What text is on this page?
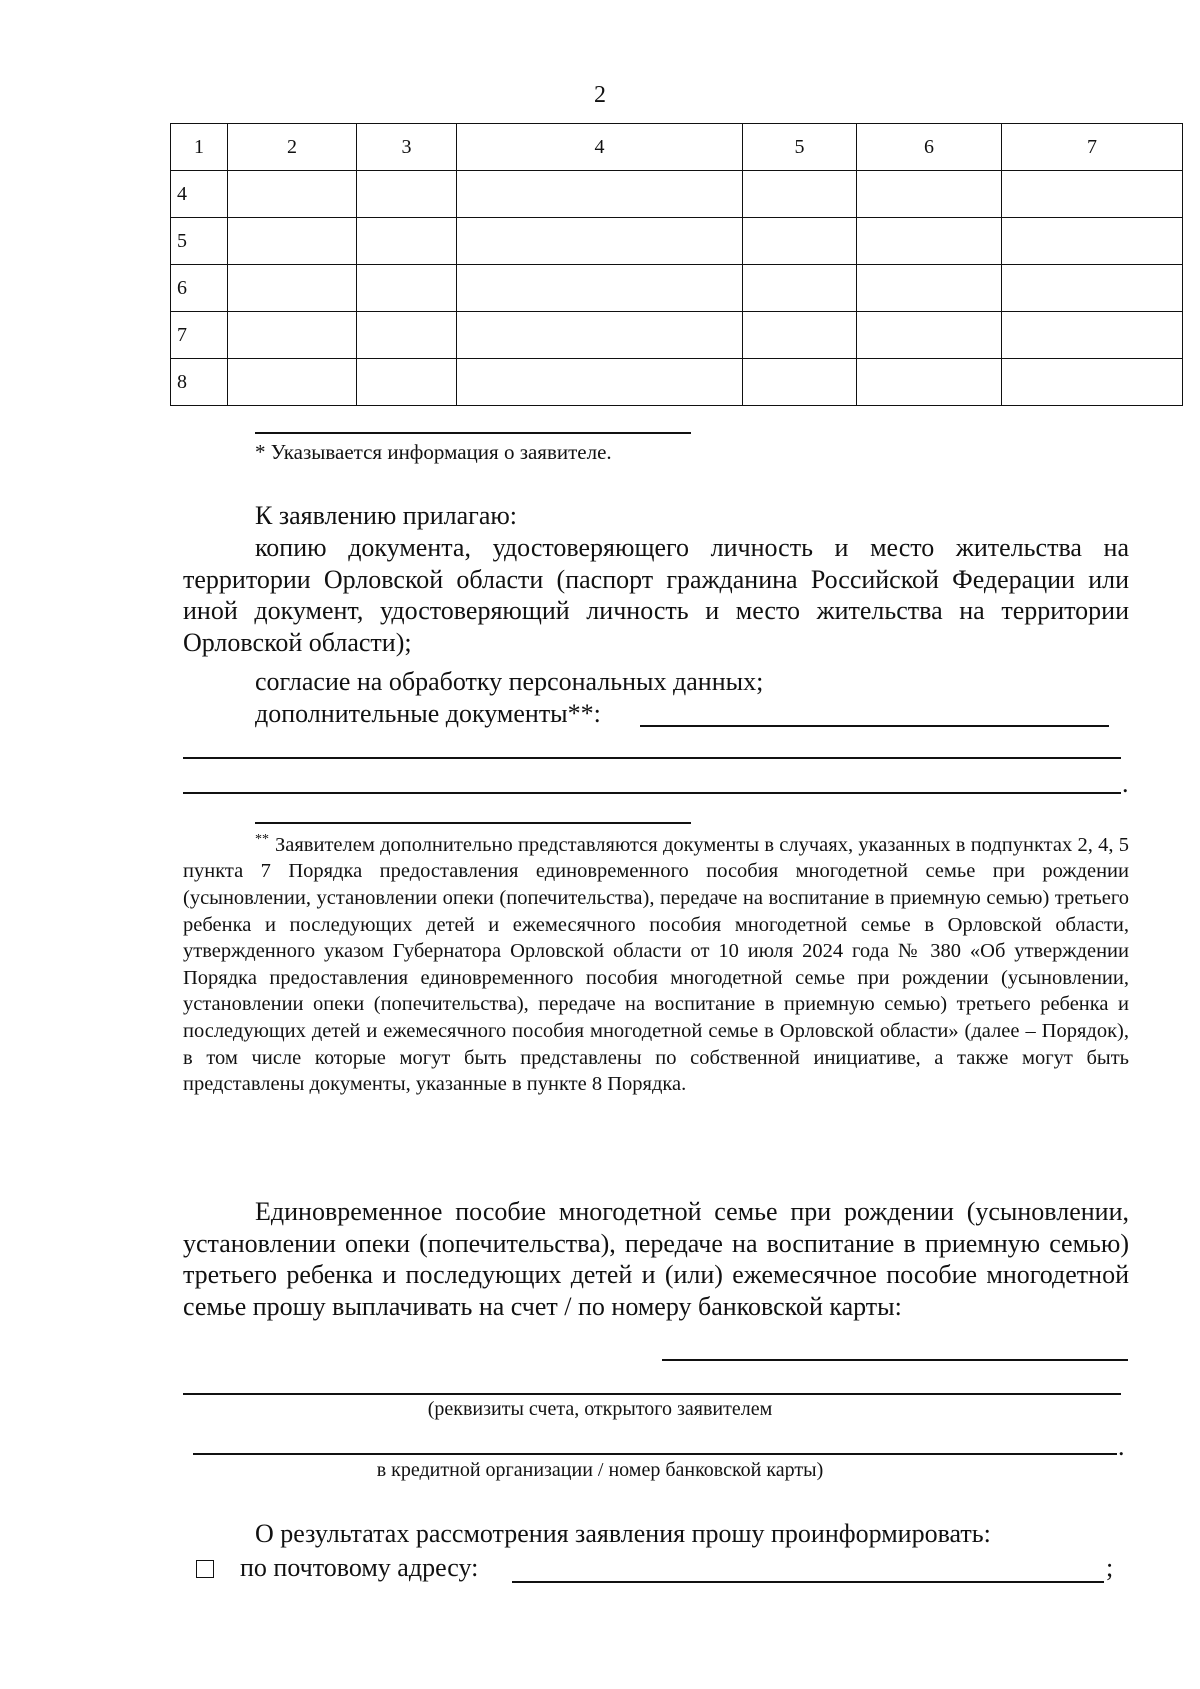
2
1	2	3	4	5	6	7
4						
5						
6						
7						
8						
* Указывается информация о заявителе.
К заявлению прилагаю:
копию документа, удостоверяющего личность и место жительства на территории Орловской области (паспорт гражданина Российской Федерации или иной документ, удостоверяющий личность и место жительства на территории Орловской области);
согласие на обработку персональных данных;
дополнительные документы**:
.
** Заявителем дополнительно представляются документы в случаях, указанных в подпунктах 2, 4, 5 пункта 7 Порядка предоставления единовременного пособия многодетной семье при рождении (усыновлении, установлении опеки (попечительства), передаче на воспитание в приемную семью) третьего ребенка и последующих детей и ежемесячного пособия многодетной семье в Орловской области, утвержденного указом Губернатора Орловской области от 10 июля 2024 года № 380 «Об утверждении Порядка предоставления единовременного пособия многодетной семье при рождении (усыновлении, установлении опеки (попечительства), передаче на воспитание в приемную семью) третьего ребенка и последующих детей и ежемесячного пособия многодетной семье в Орловской области» (далее – Порядок), в том числе которые могут быть представлены по собственной инициативе, а также могут быть представлены документы, указанные в пункте 8 Порядка.
Единовременное пособие многодетной семье при рождении (усыновлении, установлении опеки (попечительства), передаче на воспитание в приемную семью) третьего ребенка и последующих детей и (или) ежемесячное пособие многодетной семье прошу выплачивать на счет / по номеру банковской карты:
(реквизиты счета, открытого заявителем
.
в кредитной организации / номер банковской карты)
О результатах рассмотрения заявления прошу проинформировать:
по почтовому адресу:	;
